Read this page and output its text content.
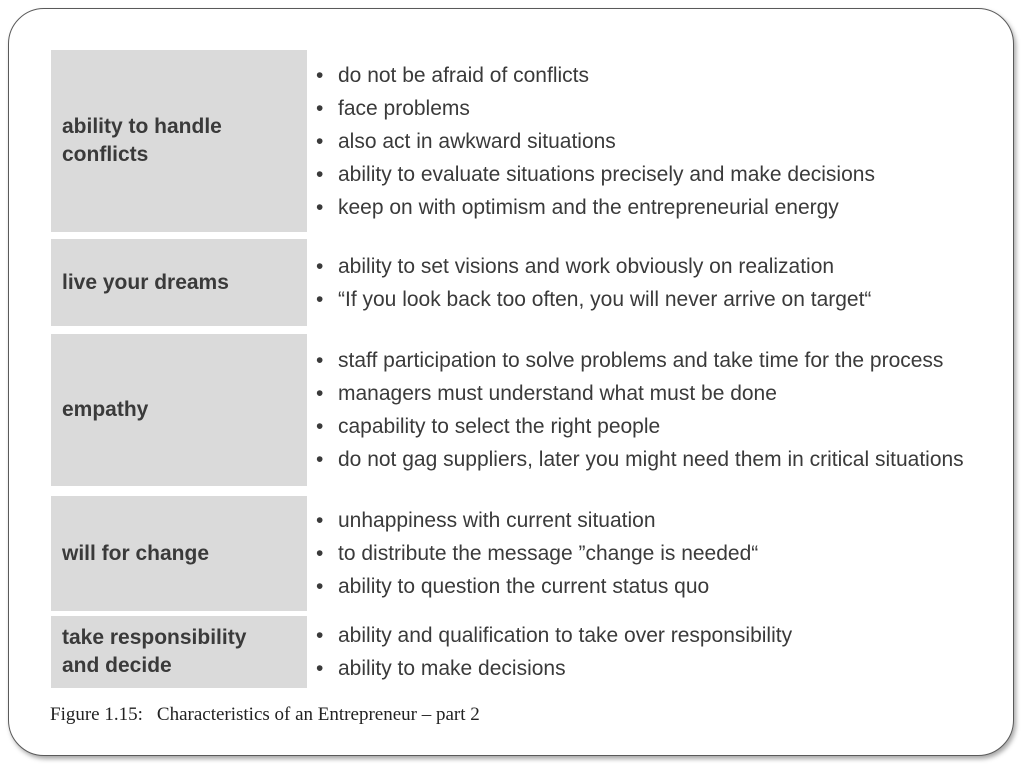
ability to handle
conflicts
• do not be afraid of conflicts
• face problems
• also act in awkward situations
• ability to evaluate situations precisely and make decisions
• keep on with optimism and the entrepreneurial energy
live your dreams
• ability to set visions and work obviously on realization
• “If you look back too often, you will never arrive on target“
empathy
• staff participation to solve problems and take time for the process
• managers must understand what must be done
• capability to select the right people
• do not gag suppliers, later you might need them in critical situations
will for change
• unhappiness with current situation
• to distribute the message ”change is needed“
• ability to question the current status quo
take responsibility
and decide
• ability and qualification to take over responsibility
• ability to make decisions
Figure 1.15: Characteristics of an Entrepreneur – part 2
